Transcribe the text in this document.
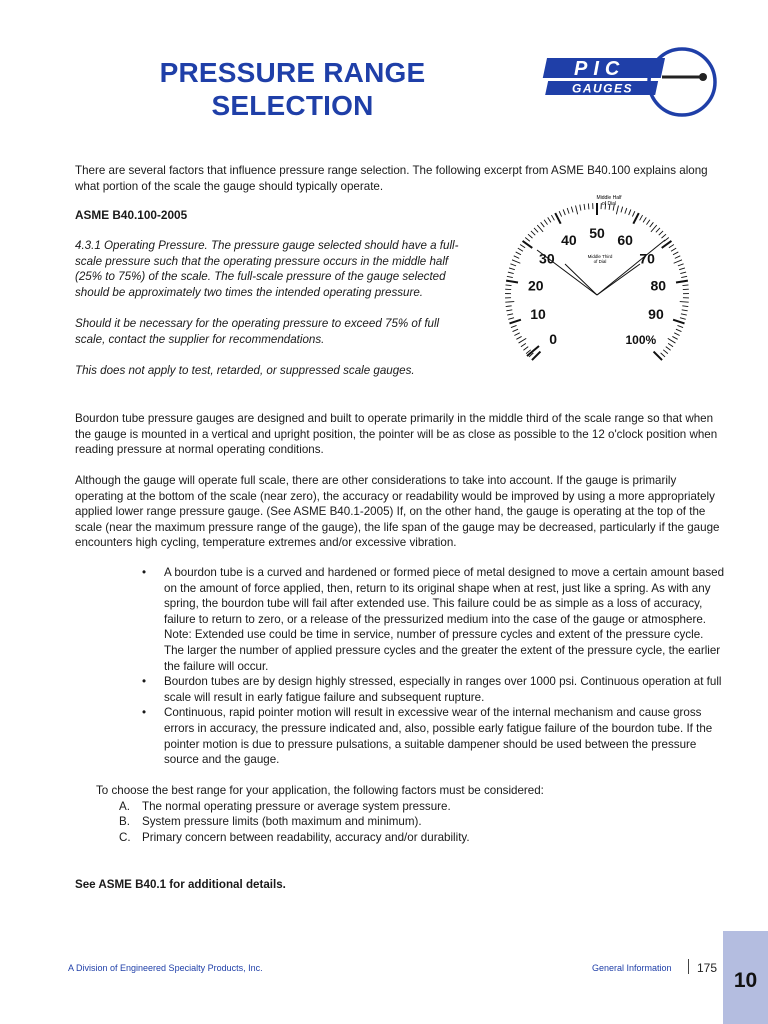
PRESSURE RANGE
SELECTION
PIC
GAUGES

There are several factors that influence pressure range selection. The following excerpt from ASME B40.100 explains along what portion of the scale the gauge should typically operate.

ASME B40.100-2005

4.3.1 Operating Pressure. The pressure gauge selected should have a full-scale pressure such that the operating pressure occurs in the middle half (25% to 75%) of the scale. The full-scale pressure of the gauge selected should be approximately two times the intended operating pressure.

Should it be necessary for the operating pressure to exceed 75% of full scale, contact the supplier for recommendations.

This does not apply to test, retarded, or suppressed scale gauges.

0
10
20
30
40 50 60
70
80
90
100%
Middle Half
of Dial
Middle Third
of Dial

Bourdon tube pressure gauges are designed and built to operate primarily in the middle third of the scale range so that when the gauge is mounted in a vertical and upright position, the pointer will be as close as possible to the 12 o'clock position when reading pressure at normal operating conditions.

Although the gauge will operate full scale, there are other considerations to take into account. If the gauge is primarily operating at the bottom of the scale (near zero), the accuracy or readability would be improved by using a more appropriately applied lower range pressure gauge. (See ASME B40.1-2005) If, on the other hand, the gauge is operating at the top of the scale (near the maximum pressure range of the gauge), the life span of the gauge may be decreased, particularly if the gauge encounters high cycling, temperature extremes and/or excessive vibration.

• A bourdon tube is a curved and hardened or formed piece of metal designed to move a certain amount based on the amount of force applied, then, return to its original shape when at rest, just like a spring. As with any spring, the bourdon tube will fail after extended use. This failure could be as simple as a loss of accuracy, failure to return to zero, or a release of the pressurized medium into the case of the gauge or atmosphere. Note: Extended use could be time in service, number of pressure cycles and extent of the pressure cycle. The larger the number of applied pressure cycles and the greater the extent of the pressure cycle, the earlier the failure will occur.
• Bourdon tubes are by design highly stressed, especially in ranges over 1000 psi. Continuous operation at full scale will result in early fatigue failure and subsequent rupture.
• Continuous, rapid pointer motion will result in excessive wear of the internal mechanism and cause gross errors in accuracy, the pressure indicated and, also, possible early fatigue failure of the bourdon tube. If the pointer motion is due to pressure pulsations, a suitable dampener should be used between the pressure source and the gauge.
To choose the best range for your application, the following factors must be considered:
A. The normal operating pressure or average system pressure.
B. System pressure limits (both maximum and minimum).
C. Primary concern between readability, accuracy and/or durability.
See ASME B40.1 for additional details.
A Division of Engineered Specialty Products, Inc.	General Information 175
10
